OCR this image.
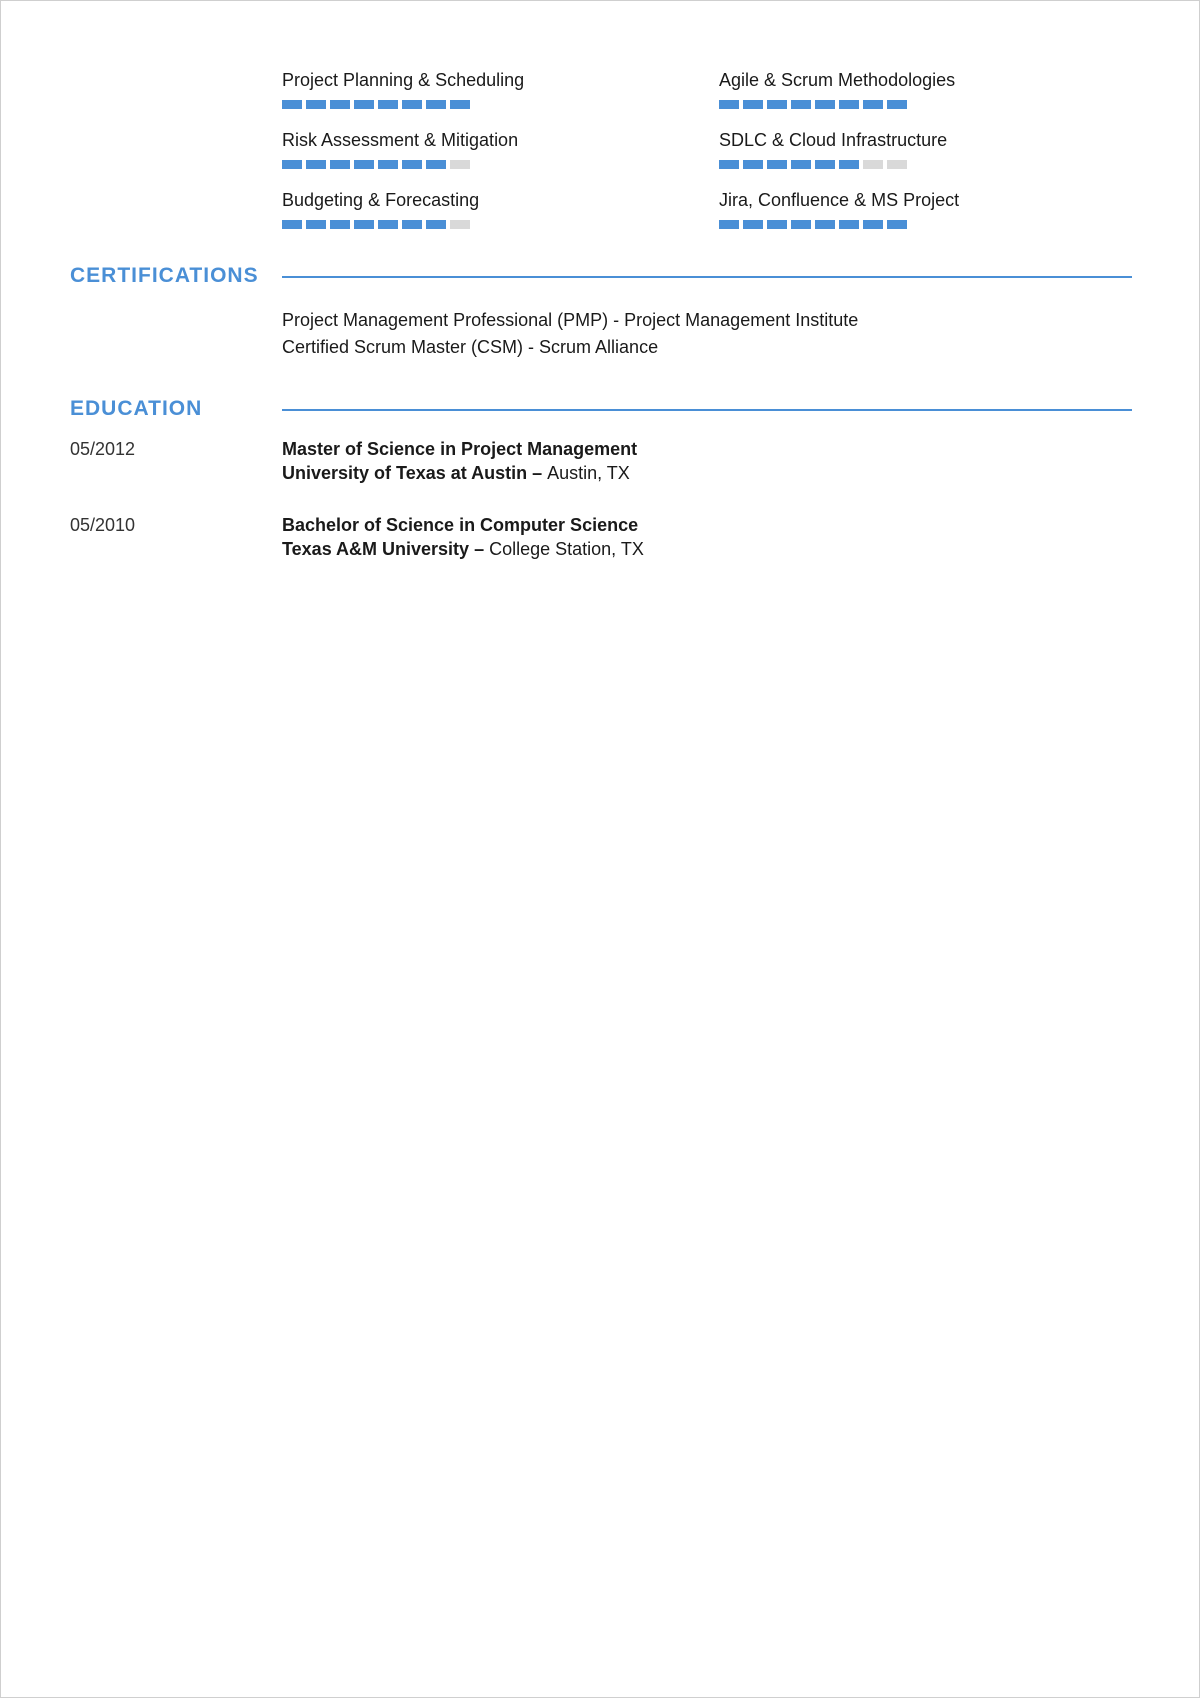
Project Planning & Scheduling	Agile & Scrum Methodologies
Risk Assessment & Mitigation	SDLC & Cloud Infrastructure
Budgeting & Forecasting	Jira, Confluence & MS Project
CERTIFICATIONS
Project Management Professional (PMP) - Project Management Institute
Certified Scrum Master (CSM) - Scrum Alliance
EDUCATION
05/2012	Master of Science in Project Management
University of Texas at Austin – Austin, TX
05/2010	Bachelor of Science in Computer Science
Texas A&M University – College Station, TX
